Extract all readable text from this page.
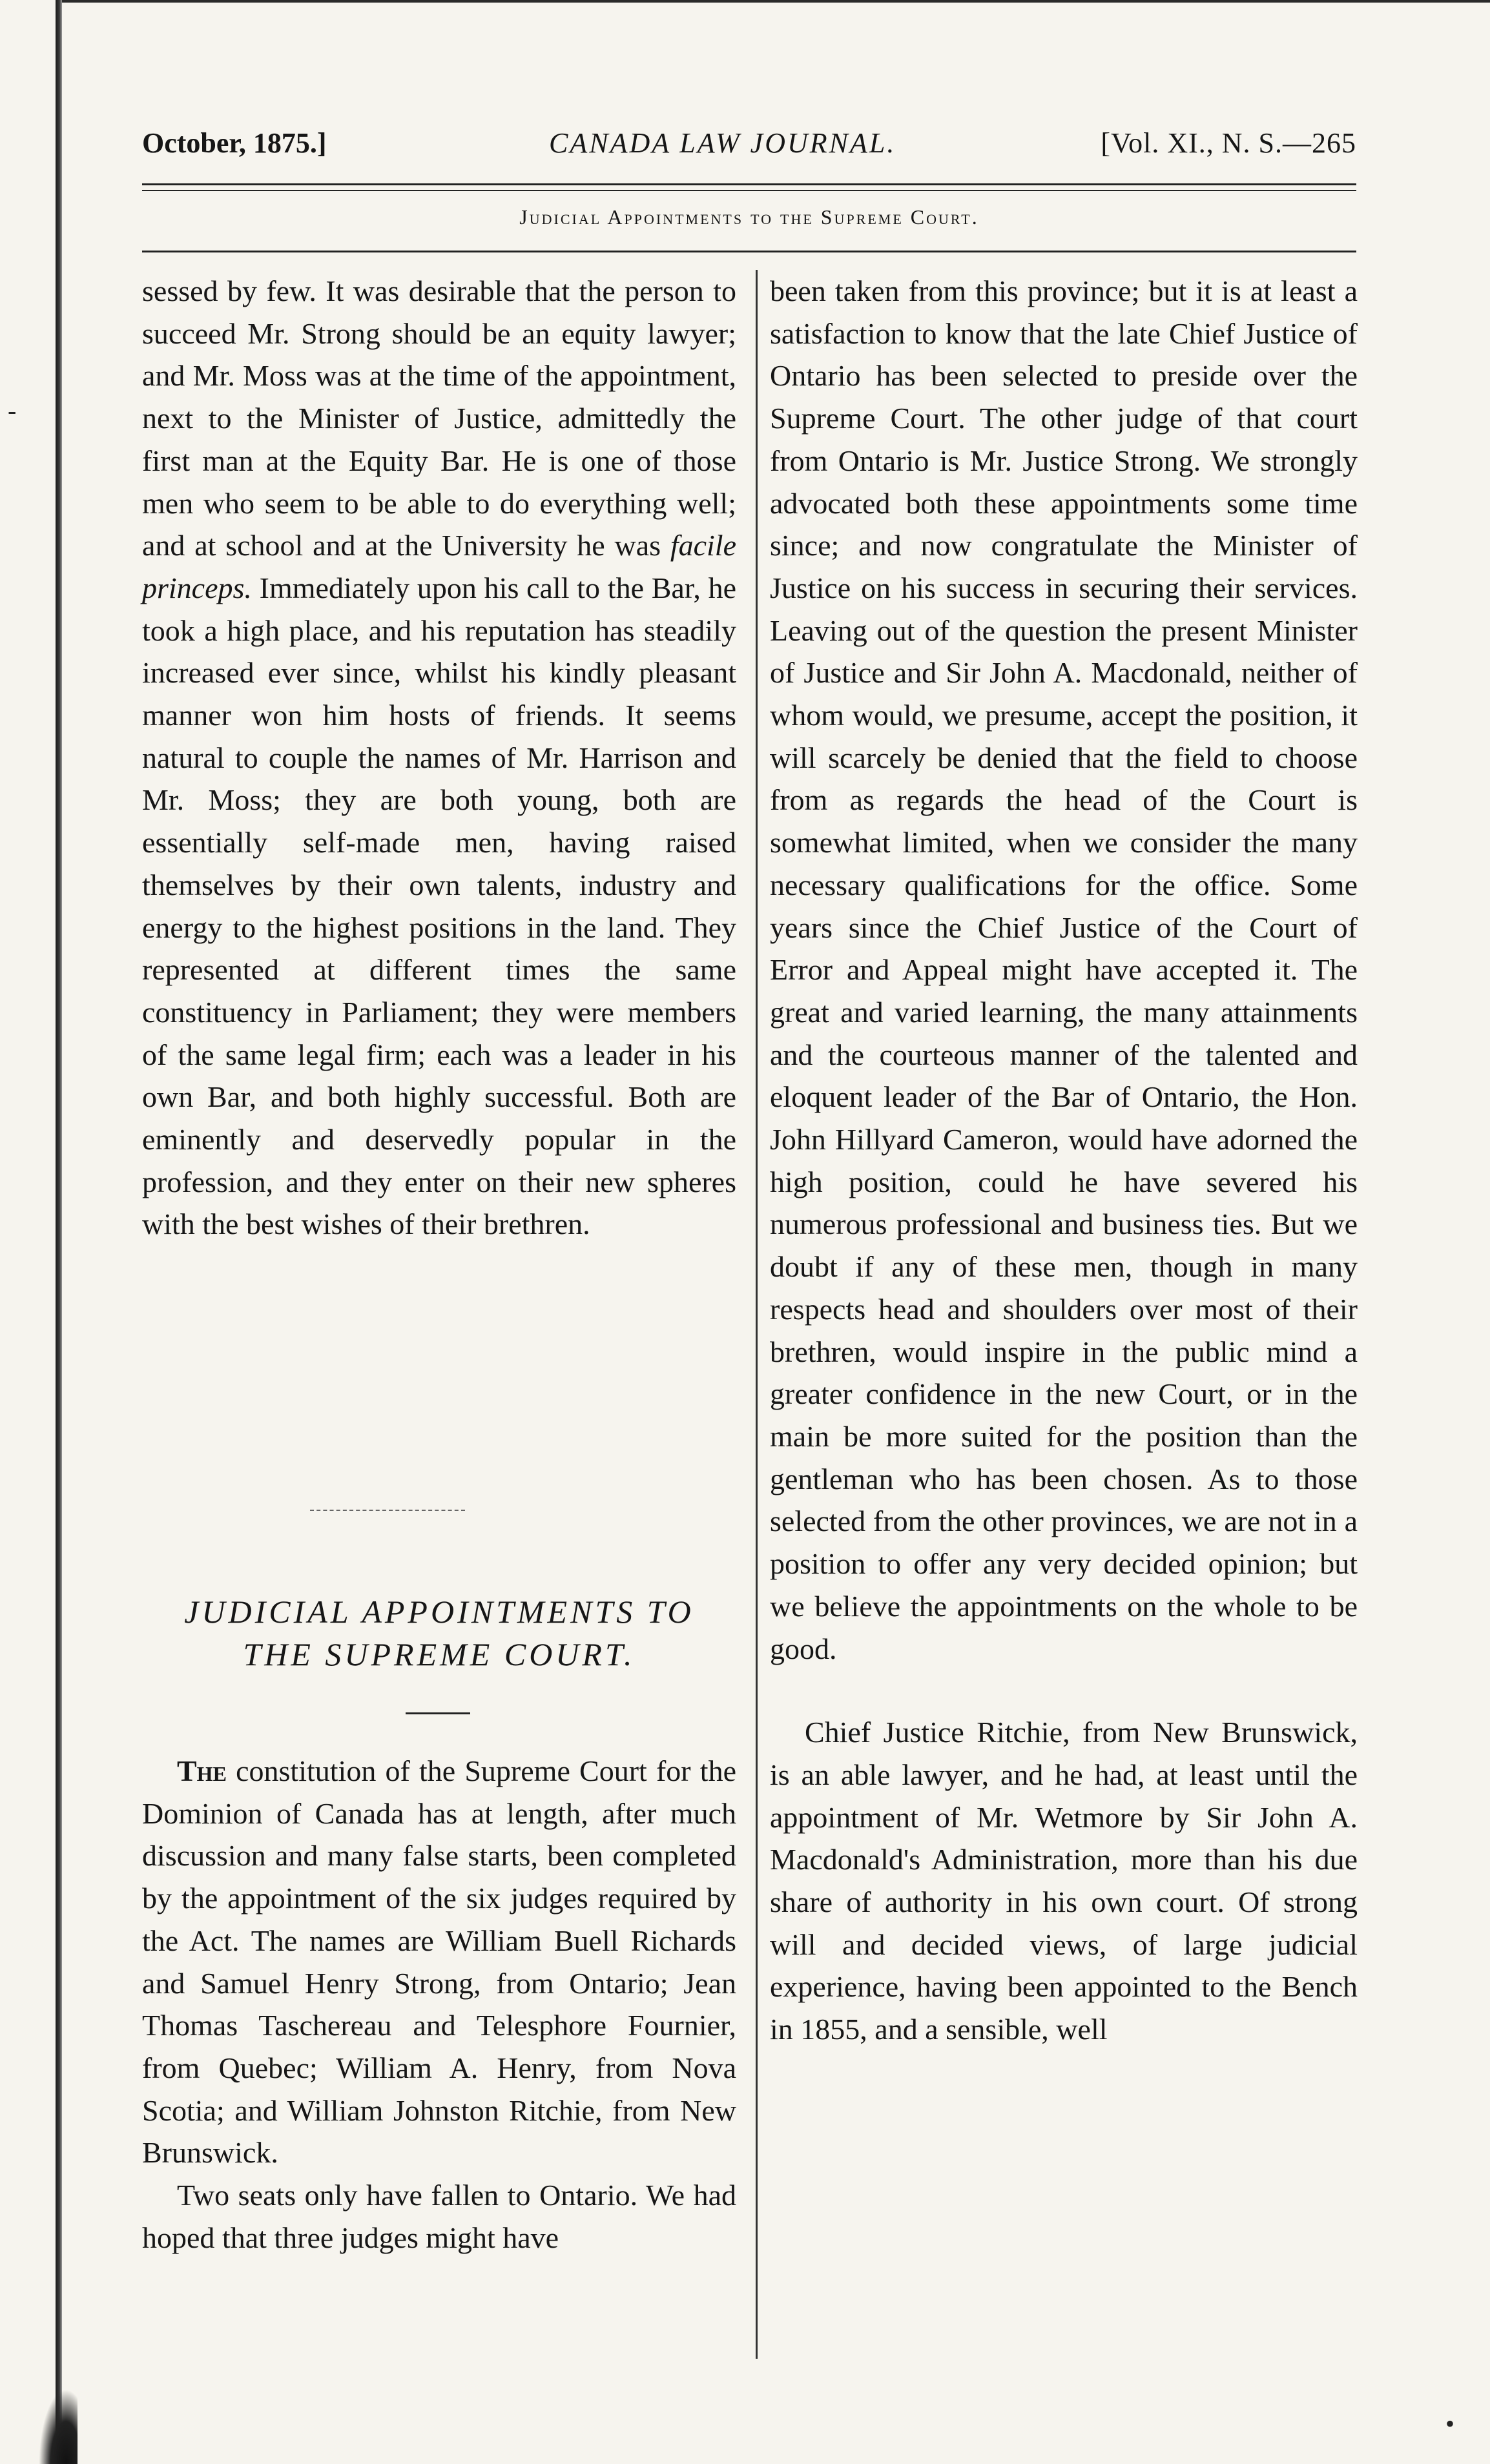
-
•
October, 1875.]	CANADA LAW JOURNAL.	[Vol. XI., N. S.—265
Judicial Appointments to the Supreme Court.

sessed by few. It was desirable that the person to succeed Mr. Strong should be an equity lawyer; and Mr. Moss was at the time of the appointment, next to the Minister of Justice, admittedly the first man at the Equity Bar. He is one of those men who seem to be able to do everything well; and at school and at the University he was facile princeps. Immediately upon his call to the Bar, he took a high place, and his reputation has steadily increased ever since, whilst his kindly pleasant manner won him hosts of friends. It seems natural to couple the names of Mr. Harrison and Mr. Moss; they are both young, both are essentially self-made men, having raised themselves by their own talents, industry and energy to the highest positions in the land. They represented at different times the same constituency in Parliament; they were members of the same legal firm; each was a leader in his own Bar, and both highly successful. Both are eminently and deservedly popular in the profession, and they enter on their new spheres with the best wishes of their brethren.

JUDICIAL APPOINTMENTS TO
THE SUPREME COURT.

The constitution of the Supreme Court for the Dominion of Canada has at length, after much discussion and many false starts, been completed by the appointment of the six judges required by the Act. The names are William Buell Richards and Samuel Henry Strong, from Ontario; Jean Thomas Taschereau and Telesphore Fournier, from Quebec; William A. Henry, from Nova Scotia; and William Johnston Ritchie, from New Brunswick.

Two seats only have fallen to Ontario. We had hoped that three judges might have

been taken from this province; but it is at least a satisfaction to know that the late Chief Justice of Ontario has been selected to preside over the Supreme Court. The other judge of that court from Ontario is Mr. Justice Strong. We strongly advocated both these appointments some time since; and now congratulate the Minister of Justice on his success in securing their services. Leaving out of the question the present Minister of Justice and Sir John A. Macdonald, neither of whom would, we presume, accept the position, it will scarcely be denied that the field to choose from as regards the head of the Court is somewhat limited, when we consider the many necessary qualifications for the office. Some years since the Chief Justice of the Court of Error and Appeal might have accepted it. The great and varied learning, the many attainments and the courteous manner of the talented and eloquent leader of the Bar of Ontario, the Hon. John Hillyard Cameron, would have adorned the high position, could he have severed his numerous professional and business ties. But we doubt if any of these men, though in many respects head and shoulders over most of their brethren, would inspire in the public mind a greater confidence in the new Court, or in the main be more suited for the position than the gentleman who has been chosen. As to those selected from the other provinces, we are not in a position to offer any very decided opinion; but we believe the appointments on the whole to be good.

Chief Justice Ritchie, from New Brunswick, is an able lawyer, and he had, at least until the appointment of Mr. Wetmore by Sir John A. Macdonald's Administration, more than his due share of authority in his own court. Of strong will and decided views, of large judicial experience, having been appointed to the Bench in 1855, and a sensible, well
